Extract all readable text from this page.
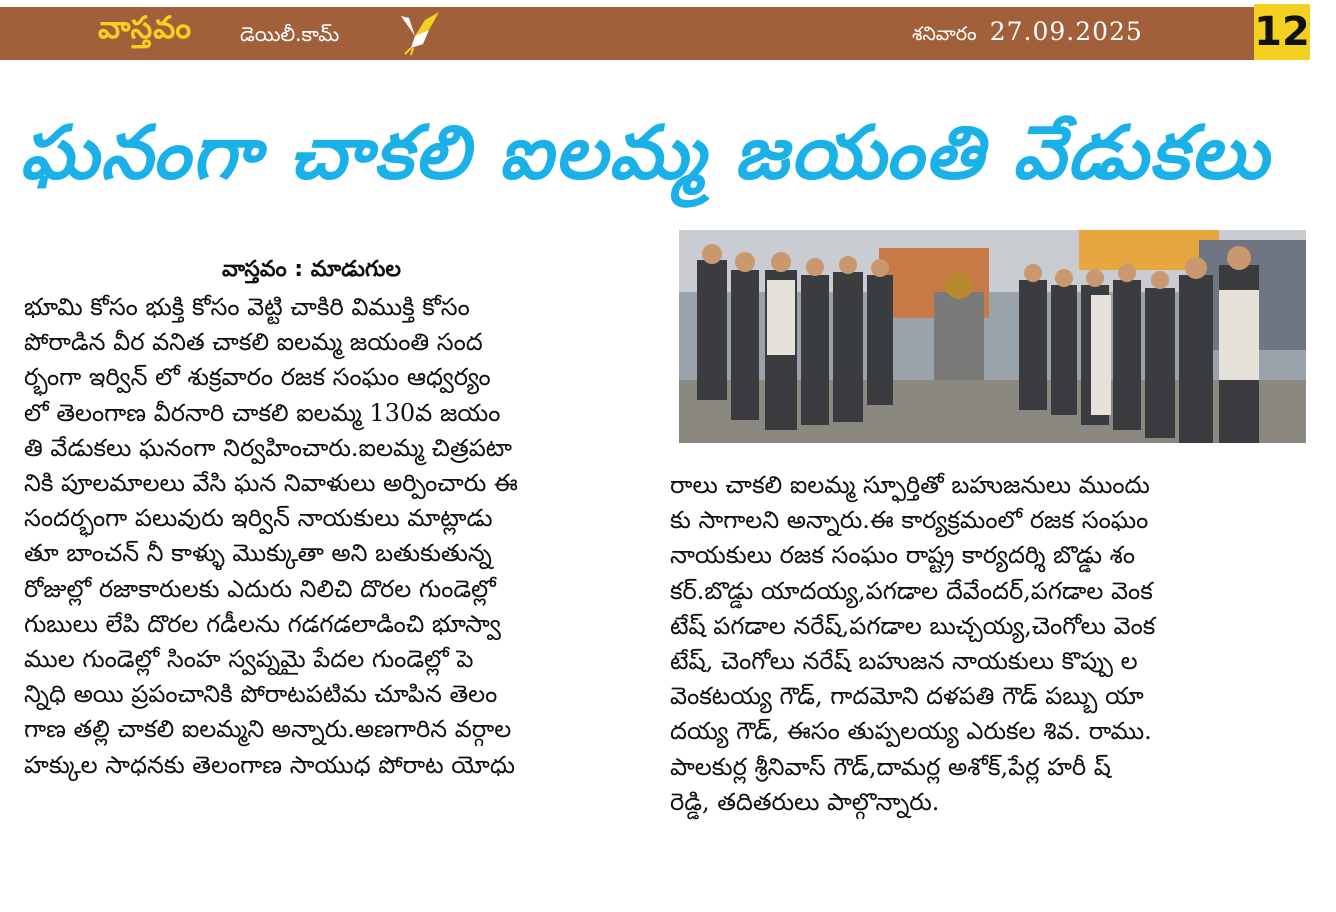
వాస్తవం డెయిలీ.కామ్	శనివారం 27.09.2025	12
ఘనంగా చాకలి ఐలమ్మ జయంతి వేడుకలు
వాస్తవం : మాడుగుల
భూమి కోసం భుక్తి కోసం వెట్టి చాకిరి విముక్తి కోసం
పోరాడిన వీర వనిత చాకలి ఐలమ్మ జయంతి సంద
ర్భంగా ఇర్విన్ లో శుక్రవారం రజక సంఘం ఆధ్వర్యం
లో తెలంగాణ వీరనారి చాకలి ఐలమ్మ 130వ జయం
తి వేడుకలు ఘనంగా నిర్వహించారు.ఐలమ్మ చిత్రపటా
నికి పూలమాలలు వేసి ఘన నివాళులు అర్పించారు ఈ
సందర్భంగా పలువురు ఇర్విన్ నాయకులు మాట్లాడు
తూ బాంచన్ నీ కాళ్ళు మొక్కుతా అని బతుకుతున్న
రోజుల్లో రజాకారులకు ఎదురు నిలిచి దొరల గుండెల్లో
గుబులు లేపి దొరల గడీలను గడగడలాడించి భూస్వా
ముల గుండెల్లో సింహ స్వప్నమై పేదల గుండెల్లో పె
న్నిధి అయి ప్రపంచానికి పోరాటపటిమ చూపిన తెలం
గాణ తల్లి చాకలి ఐలమ్మని అన్నారు.అణగారిన వర్గాల
హక్కుల సాధనకు తెలంగాణ సాయుధ పోరాట యోధు
రాలు చాకలి ఐలమ్మ స్ఫూర్తితో బహుజనులు ముందు
కు సాగాలని అన్నారు.ఈ కార్యక్రమంలో రజక సంఘం
నాయకులు రజక సంఘం రాష్ట్ర కార్యదర్శి బొడ్డు శం
కర్.బొడ్డు యాదయ్య,పగడాల దేవేందర్,పగడాల వెంక
టేష్ పగడాల నరేష్,పగడాల బుచ్చయ్య,చెంగోలు వెంక
టేష్, చెంగోలు నరేష్ బహుజన నాయకులు కొప్పు ల
వెంకటయ్య గౌడ్, గాదమోని దళపతి గౌడ్ పబ్బు యా
దయ్య గౌడ్, ఈసం తుప్పలయ్య ఎరుకల శివ. రాము.
పాలకుర్ల శ్రీనివాస్ గౌడ్,దామర్ల అశోక్,పేర్ల హరీ ష్
రెడ్డి, తదితరులు పాల్గొన్నారు.
